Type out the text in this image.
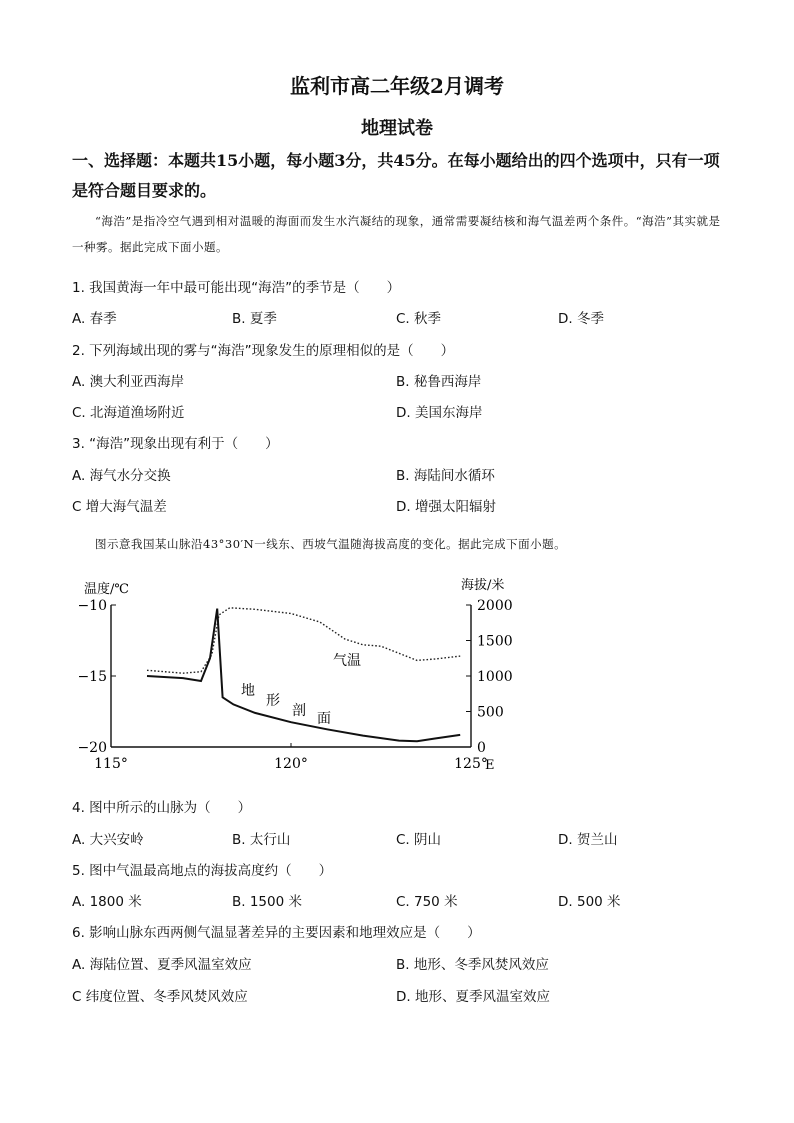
监利市高二年级2月调考
地理试卷
一、选择题：本题共15小题，每小题3分，共45分。在每小题给出的四个选项中，只有一项是符合题目要求的。
“海浩”是指冷空气遇到相对温暖的海面而发生水汽凝结的现象，通常需要凝结核和海气温差两个条件。“海浩”其实就是一种雾。据此完成下面小题。
1. 我国黄海一年中最可能出现“海浩”的季节是（　　）
A. 春季	B. 夏季	C. 秋季	D. 冬季
2. 下列海域出现的雾与“海浩”现象发生的原理相似的是（　　）
A. 澳大利亚西海岸	B. 秘鲁西海岸
C. 北海道渔场附近	D. 美国东海岸
3. “海浩”现象出现有利于（　　）
A. 海气水分交换	B. 海陆间水循环
C 增大海气温差	D. 增强太阳辐射
图示意我国某山脉沿43°30′N一线东、西坡气温随海拔高度的变化。据此完成下面小题。
温度/℃	海拔/米
−10
−15
−20
2000
1500
1000
500
0
115°	120°	125°
气温
地
形
剖 面
E
4. 图中所示的山脉为（　　）
A. 大兴安岭	B. 太行山	C. 阴山	D. 贺兰山
5. 图中气温最高地点的海拔高度约（　　）
A. 1800 米	B. 1500 米	C. 750 米	D. 500 米
6. 影响山脉东西两侧气温显著差异的主要因素和地理效应是（　　）
A. 海陆位置、夏季风温室效应	B. 地形、冬季风焚风效应
C 纬度位置、冬季风焚风效应	D. 地形、夏季风温室效应
